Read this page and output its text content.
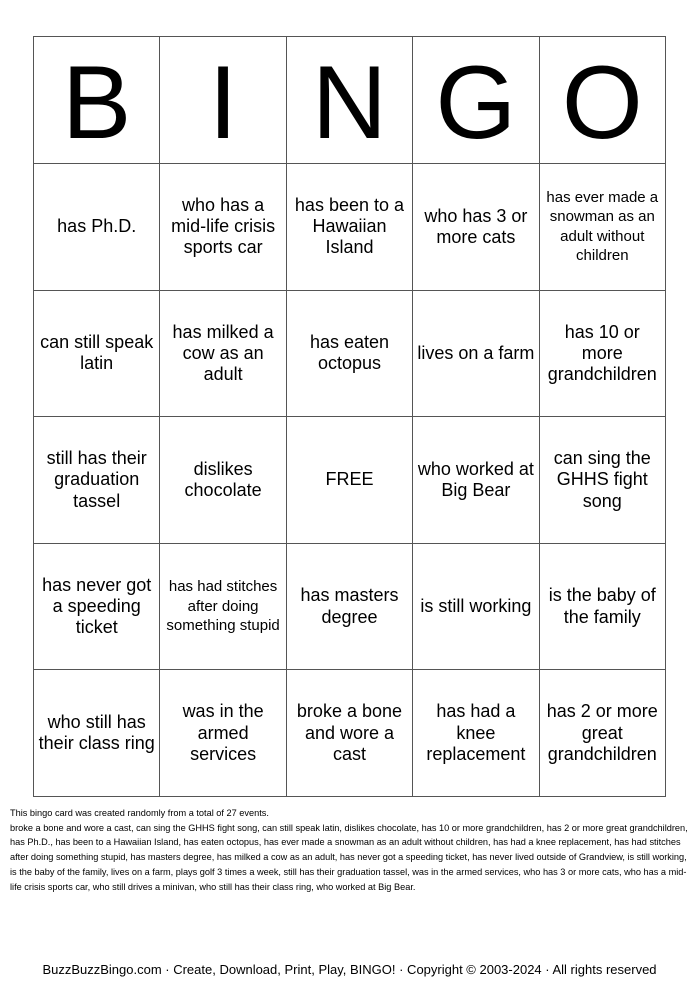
B	I	N	G	O
has Ph.D.	who has a mid-life crisis sports car	has been to a Hawaiian Island	who has 3 or more cats	has ever made a snowman as an adult without children
can still speak latin	has milked a cow as an adult	has eaten octopus	lives on a farm	has 10 or more grandchildren
still has their graduation tassel	dislikes chocolate	FREE	who worked at Big Bear	can sing the GHHS fight song
has never got a speeding ticket	has had stitches after doing something stupid	has masters degree	is still working	is the baby of the family
who still has their class ring	was in the armed services	broke a bone and wore a cast	has had a knee replacement	has 2 or more great grandchildren

This bingo card was created randomly from a total of 27 events.

broke a bone and wore a cast, can sing the GHHS fight song, can still speak latin, dislikes chocolate, has 10 or more grandchildren, has 2 or more great grandchildren, has Ph.D., has been to a Hawaiian Island, has eaten octopus, has ever made a snowman as an adult without children, has had a knee replacement, has had stitches after doing something stupid, has masters degree, has milked a cow as an adult, has never got a speeding ticket, has never lived outside of Grandview, is still working, is the baby of the family, lives on a farm, plays golf 3 times a week, still has their graduation tassel, was in the armed services, who has 3 or more cats, who has a mid-life crisis sports car, who still drives a minivan, who still has their class ring, who worked at Big Bear.

BuzzBuzzBingo.com · Create, Download, Print, Play, BINGO! · Copyright © 2003-2024 · All rights reserved
